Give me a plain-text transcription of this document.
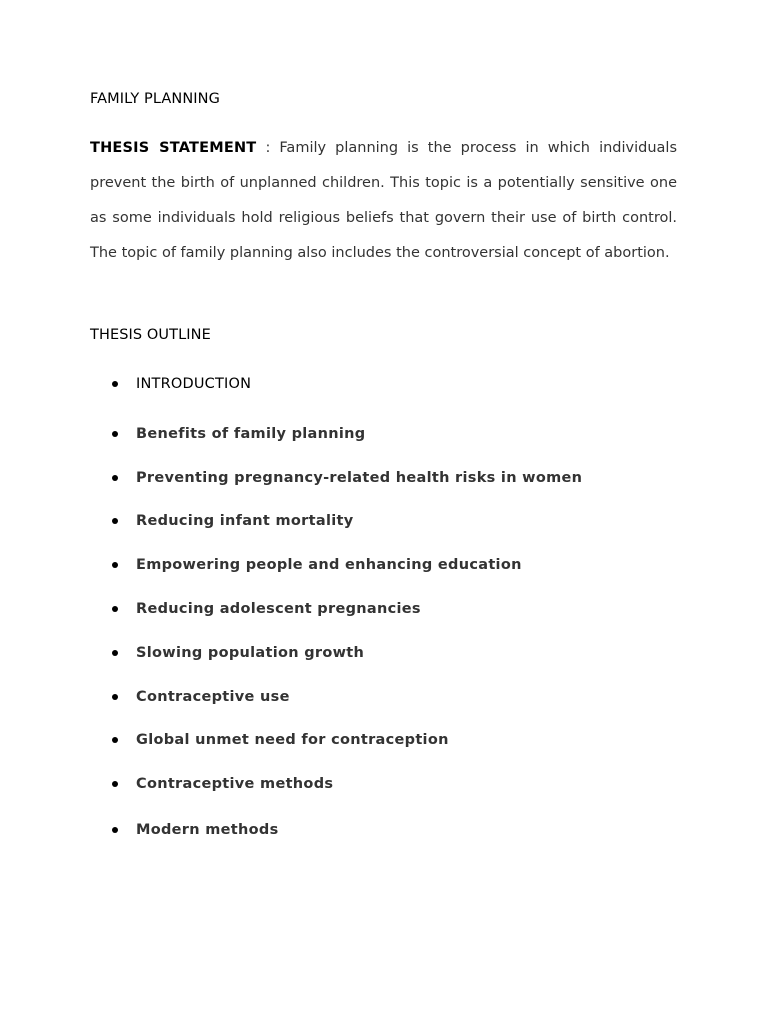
FAMILY PLANNING

THESIS STATEMENT : Family planning is the process in which individuals prevent the birth of unplanned children. This topic is a potentially sensitive one as some individuals hold religious beliefs that govern their use of birth control. The topic of family planning also includes the controversial concept of abortion.

THESIS OUTLINE
INTRODUCTION
Benefits of family planning
Preventing pregnancy-related health risks in women
Reducing infant mortality
Empowering people and enhancing education
Reducing adolescent pregnancies
Slowing population growth
Contraceptive use
Global unmet need for contraception
Contraceptive methods
Modern methods
